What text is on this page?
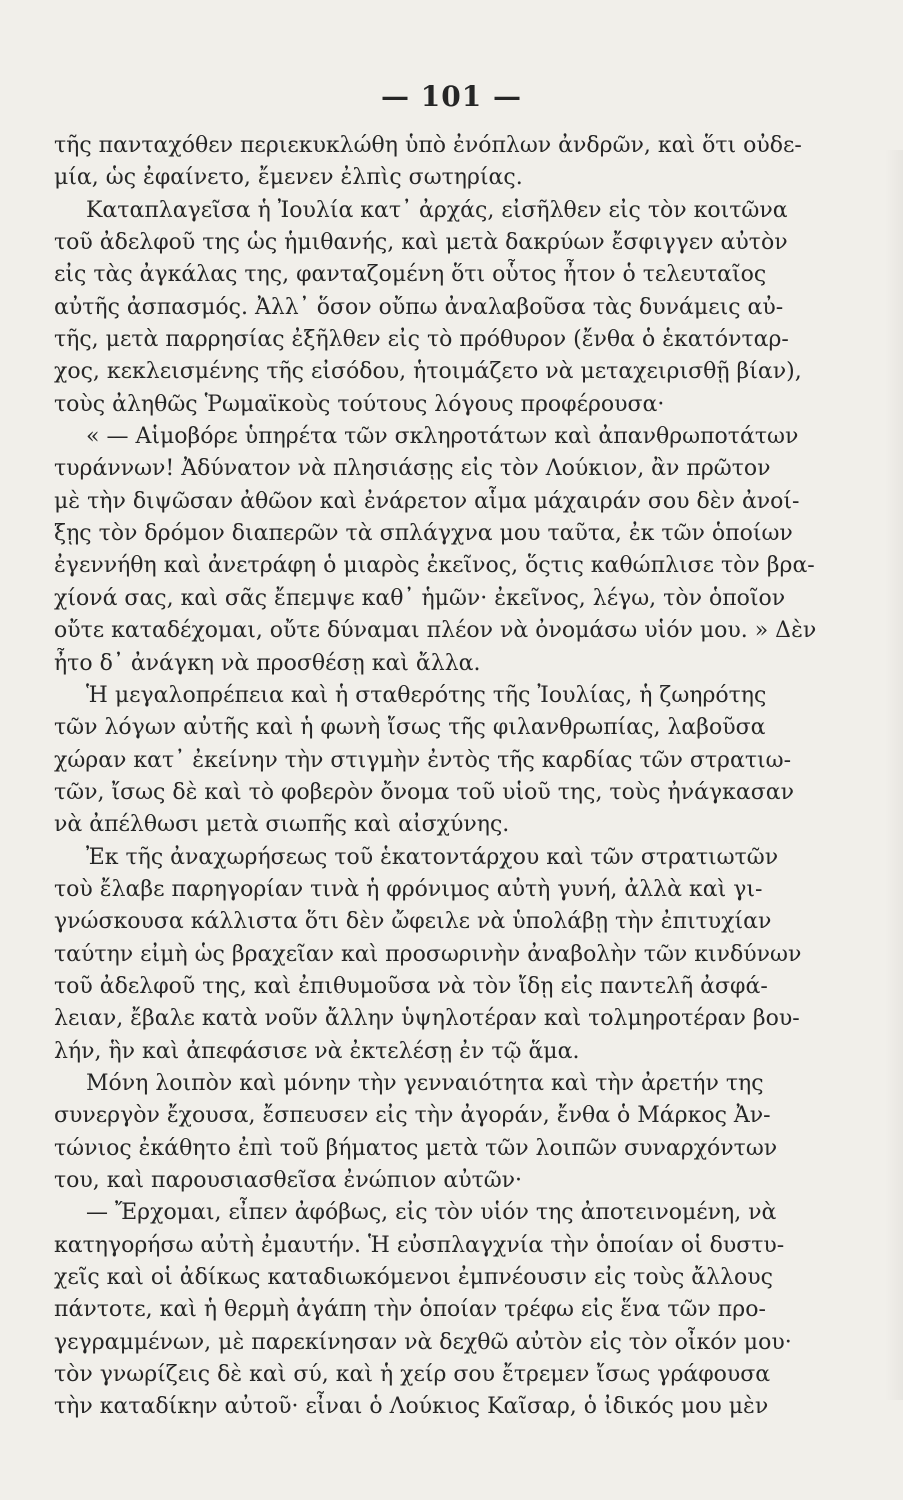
— 101 —
τῆς πανταχόθεν περιεκυκλώθη ὑπὸ ἐνόπλων ἀνδρῶν, καὶ ὅτι οὐδε-
μία, ὡς ἐφαίνετο, ἔμενεν ἐλπὶς σωτηρίας.
Καταπλαγεῖσα ἡ Ἰουλία κατ᾽ ἀρχάς, εἰσῆλθεν εἰς τὸν κοιτῶνα
τοῦ ἀδελφοῦ της ὡς ἡμιθανής, καὶ μετὰ δακρύων ἔσφιγγεν αὐτὸν
εἰς τὰς ἀγκάλας της, φανταζομένη ὅτι οὗτος ἦτον ὁ τελευταῖος
αὐτῆς ἀσπασμός. Ἀλλ᾽ ὅσον οὔπω ἀναλαβοῦσα τὰς δυνάμεις αὐ-
τῆς, μετὰ παρρησίας ἐξῆλθεν εἰς τὸ πρόθυρον (ἔνθα ὁ ἑκατόνταρ-
χος, κεκλεισμένης τῆς εἰσόδου, ἡτοιμάζετο νὰ μεταχειρισθῇ βίαν),
τοὺς ἀληθῶς Ῥωμαϊκοὺς τούτους λόγους προφέρουσα·
« — Αἱμοβόρε ὑπηρέτα τῶν σκληροτάτων καὶ ἀπανθρωποτάτων
τυράννων! Ἀδύνατον νὰ πλησιάσῃς εἰς τὸν Λούκιον, ἂν πρῶτον
μὲ τὴν διψῶσαν ἀθῶον καὶ ἐνάρετον αἷμα μάχαιράν σου δὲν ἀνοί-
ξῃς τὸν δρόμον διαπερῶν τὰ σπλάγχνα μου ταῦτα, ἐκ τῶν ὁποίων
ἐγεννήθη καὶ ἀνετράφη ὁ μιαρὸς ἐκεῖνος, ὅςτις καθώπλισε τὸν βρα-
χίονά σας, καὶ σᾶς ἔπεμψε καθ᾽ ἡμῶν· ἐκεῖνος, λέγω, τὸν ὁποῖον
οὔτε καταδέχομαι, οὔτε δύναμαι πλέον νὰ ὀνομάσω υἱόν μου. » Δὲν
ἦτο δ᾽ ἀνάγκη νὰ προσθέσῃ καὶ ἄλλα.
Ἡ μεγαλοπρέπεια καὶ ἡ σταθερότης τῆς Ἰουλίας, ἡ ζωηρότης
τῶν λόγων αὐτῆς καὶ ἡ φωνὴ ἴσως τῆς φιλανθρωπίας, λαβοῦσα
χώραν κατ᾽ ἐκείνην τὴν στιγμὴν ἐντὸς τῆς καρδίας τῶν στρατιω-
τῶν, ἴσως δὲ καὶ τὸ φοβερὸν ὄνομα τοῦ υἱοῦ της, τοὺς ἠνάγκασαν
νὰ ἀπέλθωσι μετὰ σιωπῆς καὶ αἰσχύνης.
Ἐκ τῆς ἀναχωρήσεως τοῦ ἑκατοντάρχου καὶ τῶν στρατιωτῶν
τοὺ ἔλαβε παρηγορίαν τινὰ ἡ φρόνιμος αὐτὴ γυνή, ἀλλὰ καὶ γι-
γνώσκουσα κάλλιστα ὅτι δὲν ὤφειλε νὰ ὑπολάβῃ τὴν ἐπιτυχίαν
ταύτην εἰμὴ ὡς βραχεῖαν καὶ προσωρινὴν ἀναβολὴν τῶν κινδύνων
τοῦ ἀδελφοῦ της, καὶ ἐπιθυμοῦσα νὰ τὸν ἴδῃ εἰς παντελῆ ἀσφά-
λειαν, ἔβαλε κατὰ νοῦν ἄλλην ὑψηλοτέραν καὶ τολμηροτέραν βου-
λήν, ἣν καὶ ἀπεφάσισε νὰ ἐκτελέσῃ ἐν τῷ ἅμα.
Μόνη λοιπὸν καὶ μόνην τὴν γενναιότητα καὶ τὴν ἀρετήν της
συνεργὸν ἔχουσα, ἔσπευσεν εἰς τὴν ἀγοράν, ἔνθα ὁ Μάρκος Ἀν-
τώνιος ἐκάθητο ἐπὶ τοῦ βήματος μετὰ τῶν λοιπῶν συναρχόντων
του, καὶ παρουσιασθεῖσα ἐνώπιον αὐτῶν·
— Ἔρχομαι, εἶπεν ἀφόβως, εἰς τὸν υἱόν της ἀποτεινομένη, νὰ
κατηγορήσω αὐτὴ ἐμαυτήν. Ἡ εὐσπλαγχνία τὴν ὁποίαν οἱ δυστυ-
χεῖς καὶ οἱ ἀδίκως καταδιωκόμενοι ἐμπνέουσιν εἰς τοὺς ἄλλους
πάντοτε, καὶ ἡ θερμὴ ἀγάπη τὴν ὁποίαν τρέφω εἰς ἕνα τῶν προ-
γεγραμμένων, μὲ παρεκίνησαν νὰ δεχθῶ αὐτὸν εἰς τὸν οἶκόν μου·
τὸν γνωρίζεις δὲ καὶ σύ, καὶ ἡ χείρ σου ἔτρεμεν ἴσως γράφουσα
τὴν καταδίκην αὐτοῦ· εἶναι ὁ Λούκιος Καῖσαρ, ὁ ἰδικός μου μὲν
